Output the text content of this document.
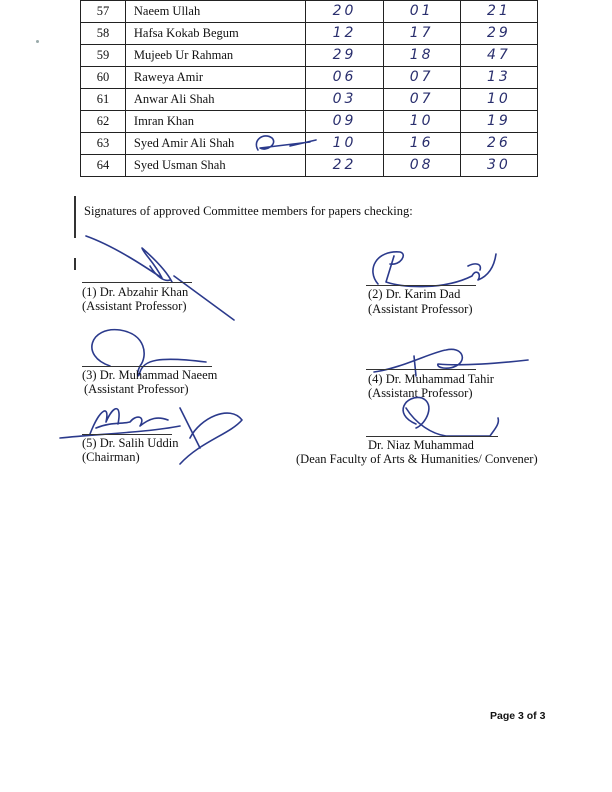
57	Naeem Ullah	20	01	21
58	Hafsa Kokab Begum	12	17	29
59	Mujeeb Ur Rahman	29	18	47
60	Raweya Amir	06	07	13
61	Anwar Ali Shah	03	07	10
62	Imran Khan	09	10	19
63	Syed Amir Ali Shah	10	16	26
64	Syed Usman Shah	22	08	30
Signatures of approved Committee members for papers checking:
(1) Dr. Abzahir Khan
(Assistant Professor)
(2) Dr. Karim Dad
(Assistant Professor)
(3) Dr. Muhammad Naeem
(Assistant Professor)
(4) Dr. Muhammad Tahir
(Assistant Professor)
(5) Dr. Salih Uddin
(Chairman)
Dr. Niaz Muhammad
(Dean Faculty of Arts & Humanities/ Convener)
Page 3 of 3
